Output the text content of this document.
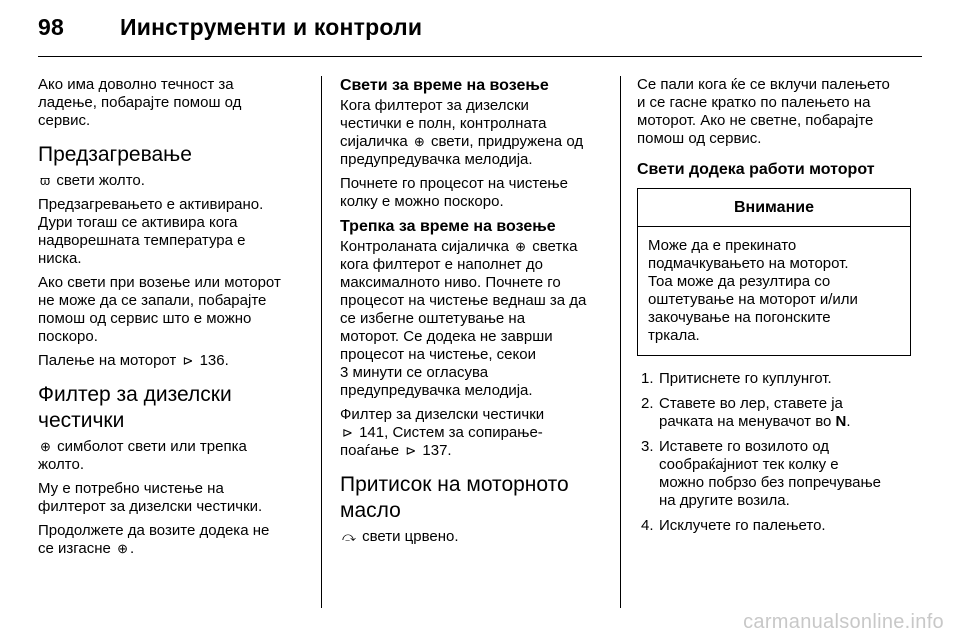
98 Иинструменти и контроли

Ако има доволно течност за
ладење, побарајте помош од
сервис.

Предзагревање

ϖ свети жолто.

Предзагревањето е активирано.
Дури тогаш се активира кога
надворешната температура е
ниска.

Ако свети при возење или моторот
не може да се запали, побарајте
помош од сервис што е можно
поскоро.

Палење на моторот ⊳ 136.

Филтер за дизелски
честички

⊕ симболот свети или трепка
жолто.

Му е потребно чистење на
филтерот за дизелски честички.

Продолжете да возите додека не
се изгасне ⊕ .

Свети за време на возење

Кога филтерот за дизелски
честички е полн, контролната
сијаличка ⊕ свети, придружена од
предупредувачка мелодија.

Почнете го процесот на чистење
колку е можно поскоро.

Трепка за време на возење

Контроланата сијаличка ⊕ светка
кога филтерот е наполнет до
максималното ниво. Почнете го
процесот на чистење веднаш за да
се избегне оштетување на
моторот. Се додека не заврши
процесот на чистење, секои
3 минути се огласува
предупредувачка мелодија.

Филтер за дизелски честички
⊳ 141, Систем за сопирање-
поаѓање ⊳ 137.

Притисок на моторното
масло

⤼ свети црвено.

Се пали кога ќе се вклучи палењето
и се гасне кратко по палењето на
моторот. Ако не светне, побарајте
помош од сервис.

Свети додека работи моторот
Внимание
Може да е прекинато
подмачкувањето на моторот.
Тоа може да резултира со
оштетување на моторот и/или
закочување на погонските
тркала.
1. Притиснете го куплунгот.
2. Ставете во лер, ставете ја
рачката на менувачот во N.
3. Иставете го возилото од
сообраќајниот тек колку е
можно побрзо без попречување
на другите возила.
4. Исклучете го палењето.
carmanualsonline.info
